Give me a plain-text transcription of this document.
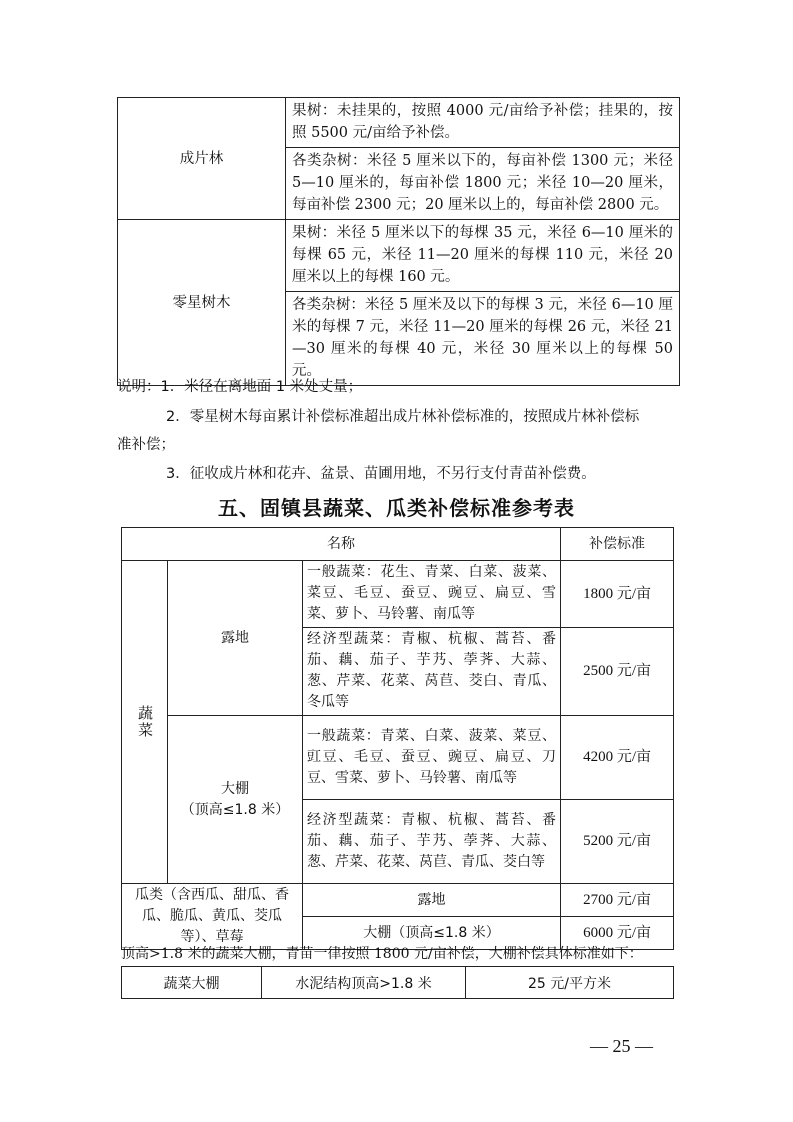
成片林	果树：未挂果的，按照 4000 元/亩给予补偿；挂果的，按照 5500 元/亩给予补偿。
	各类杂树：米径 5 厘米以下的，每亩补偿 1300 元；米径 5—10 厘米的，每亩补偿 1800 元；米径 10—20 厘米，每亩补偿 2300 元；20 厘米以上的，每亩补偿 2800 元。
零星树木	果树：米径 5 厘米以下的每棵 35 元，米径 6—10 厘米的每棵 65 元，米径 11—20 厘米的每棵 110 元，米径 20 厘米以上的每棵 160 元。
	各类杂树：米径 5 厘米及以下的每棵 3 元，米径 6—10 厘米的每棵 7 元，米径 11—20 厘米的每棵 26 元，米径 21—30 厘米的每棵 40 元，米径 30 厘米以上的每棵 50 元。
说明：1．米径在离地面 1 米处丈量；
2．零星树木每亩累计补偿标准超出成片林补偿标准的，按照成片林补偿标
准补偿；
3．征收成片林和花卉、盆景、苗圃用地，不另行支付青苗补偿费。
五、固镇县蔬菜、瓜类补偿标准参考表
名称			补偿标准

蔬菜	露地	一般蔬菜：花生、青菜、白菜、菠菜、菜豆、毛豆、蚕豆、豌豆、扁豆、雪菜、萝卜、马铃薯、南瓜等	1800 元/亩
		经济型蔬菜：青椒、杭椒、蒿苔、番茄、藕、茄子、芋艿、荸荠、大蒜、葱、芹菜、花菜、莴苣、茭白、青瓜、冬瓜等	2500 元/亩

	大棚
（顶高≤1.8 米）	一般蔬菜：青菜、白菜、菠菜、菜豆、豇豆、毛豆、蚕豆、豌豆、扁豆、刀豆、雪菜、萝卜、马铃薯、南瓜等	4200 元/亩
		经济型蔬菜：青椒、杭椒、蒿苔、番茄、藕、茄子、芋艿、荸荠、大蒜、葱、芹菜、花菜、莴苣、青瓜、茭白等	5200 元/亩
瓜类（含西瓜、甜瓜、香瓜、脆瓜、黄瓜、茭瓜等）、草莓		露地	2700 元/亩
		大棚（顶高≤1.8 米）	6000 元/亩
顶高>1.8 米的蔬菜大棚，青苗一律按照 1800 元/亩补偿，大棚补偿具体标准如下：
蔬菜大棚	水泥结构顶高>1.8 米	25 元/平方米
— 25 —
